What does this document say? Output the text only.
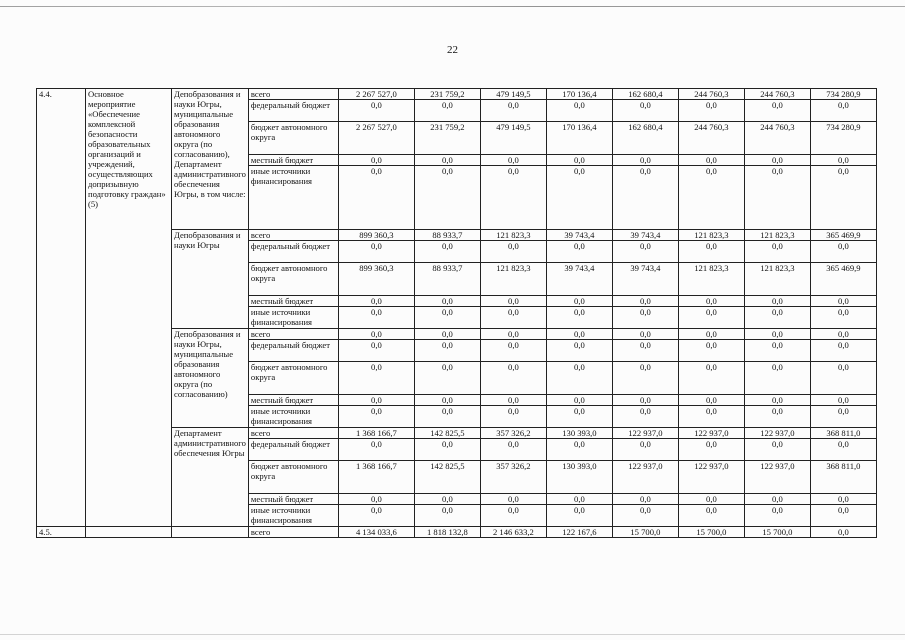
22
4.4.	Основное мероприятие «Обеспечение комплексной безопасности образовательных организаций и учреждений, осуществляющих допризывную подготовку граждан» (5)	Депобразования и науки Югры, муниципальные образования автономного округа (по согласованию), Департамент административного обеспечения Югры, в том числе:	всего	2 267 527,0	231 759,2	479 149,5	170 136,4	162 680,4	244 760,3	244 760,3	734 280,9
			федеральный бюджет	0,0	0,0	0,0	0,0	0,0	0,0	0,0	0,0
			бюджет автономного округа	2 267 527,0	231 759,2	479 149,5	170 136,4	162 680,4	244 760,3	244 760,3	734 280,9
			местный бюджет	0,0	0,0	0,0	0,0	0,0	0,0	0,0	0,0
			иные источники финансирования	0,0	0,0	0,0	0,0	0,0	0,0	0,0	0,0
		Депобразования и науки Югры	всего	899 360,3	88 933,7	121 823,3	39 743,4	39 743,4	121 823,3	121 823,3	365 469,9
			федеральный бюджет	0,0	0,0	0,0	0,0	0,0	0,0	0,0	0,0
			бюджет автономного округа	899 360,3	88 933,7	121 823,3	39 743,4	39 743,4	121 823,3	121 823,3	365 469,9
			местный бюджет	0,0	0,0	0,0	0,0	0,0	0,0	0,0	0,0
			иные источники финансирования	0,0	0,0	0,0	0,0	0,0	0,0	0,0	0,0
		Депобразования и науки Югры, муниципальные образования автономного округа (по согласованию)	всего	0,0	0,0	0,0	0,0	0,0	0,0	0,0	0,0
			федеральный бюджет	0,0	0,0	0,0	0,0	0,0	0,0	0,0	0,0
			бюджет автономного округа	0,0	0,0	0,0	0,0	0,0	0,0	0,0	0,0
			местный бюджет	0,0	0,0	0,0	0,0	0,0	0,0	0,0	0,0
			иные источники финансирования	0,0	0,0	0,0	0,0	0,0	0,0	0,0	0,0
		Департамент административного обеспечения Югры	всего	1 368 166,7	142 825,5	357 326,2	130 393,0	122 937,0	122 937,0	122 937,0	368 811,0
			федеральный бюджет	0,0	0,0	0,0	0,0	0,0	0,0	0,0	0,0
			бюджет автономного округа	1 368 166,7	142 825,5	357 326,2	130 393,0	122 937,0	122 937,0	122 937,0	368 811,0
			местный бюджет	0,0	0,0	0,0	0,0	0,0	0,0	0,0	0,0
			иные источники финансирования	0,0	0,0	0,0	0,0	0,0	0,0	0,0	0,0
4.5.			всего	4 134 033,6	1 818 132,8	2 146 633,2	122 167,6	15 700,0	15 700,0	15 700,0	0,0
